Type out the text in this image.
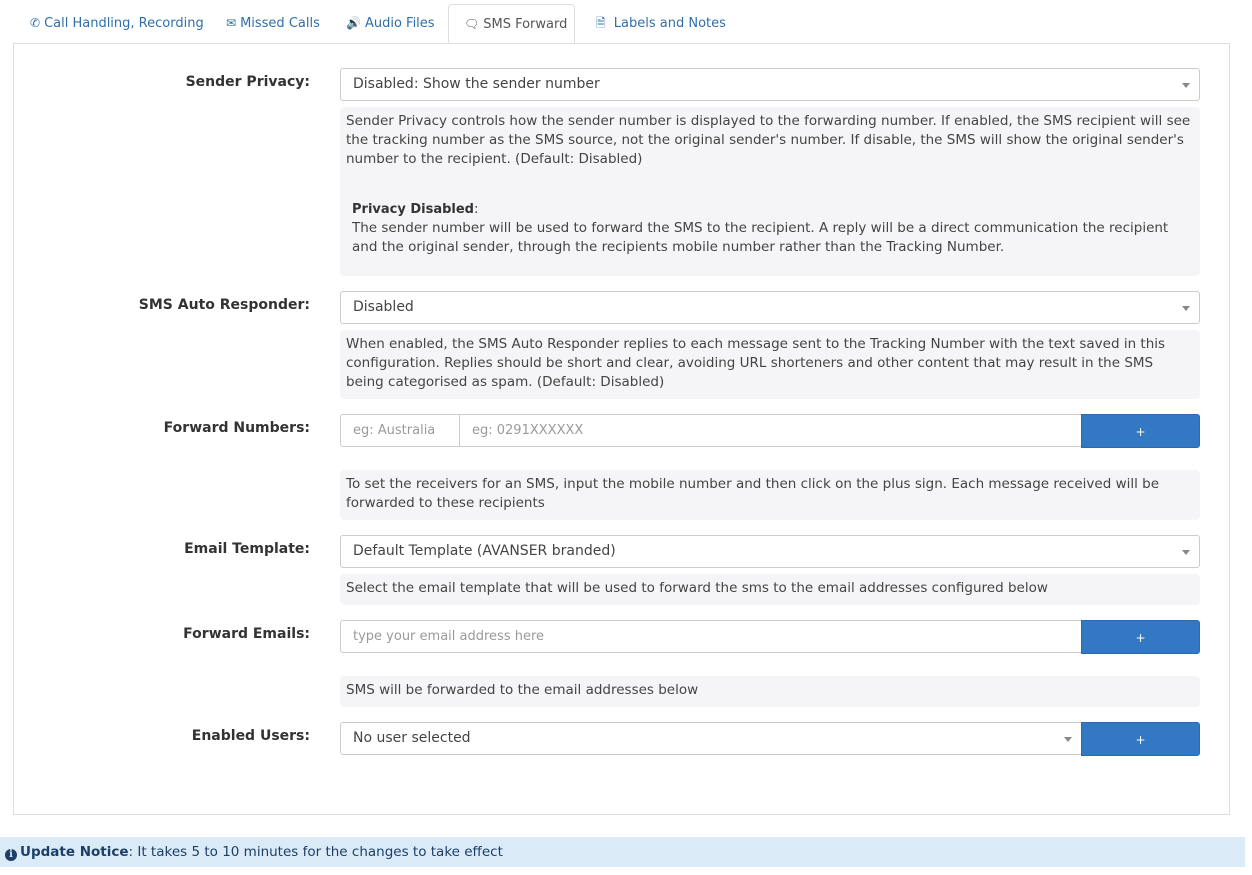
✆ Call Handling, Recording	✉ Missed Calls	🔊 Audio Files	🗨 SMS Forward	🗎 Labels and Notes
Sender Privacy:	Disabled: Show the sender number
Sender Privacy controls how the sender number is displayed to the forwarding number. If enabled, the SMS recipient will see the tracking number as the SMS source, not the original sender's number. If disable, the SMS will show the original sender's number to the recipient. (Default: Disabled)
Privacy Disabled:
The sender number will be used to forward the SMS to the recipient. A reply will be a direct communication the recipient and the original sender, through the recipients mobile number rather than the Tracking Number.
SMS Auto Responder:	Disabled
When enabled, the SMS Auto Responder replies to each message sent to the Tracking Number with the text saved in this configuration. Replies should be short and clear, avoiding URL shorteners and other content that may result in the SMS being categorised as spam. (Default: Disabled)
Forward Numbers:	eg: Australia	eg: 0291XXXXXX	+
To set the receivers for an SMS, input the mobile number and then click on the plus sign. Each message received will be forwarded to these recipients
Email Template:	Default Template (AVANSER branded)
Select the email template that will be used to forward the sms to the email addresses configured below
Forward Emails:	type your email address here	+
SMS will be forwarded to the email addresses below
Enabled Users:	No user selected	+
i Update Notice: It takes 5 to 10 minutes for the changes to take effect
